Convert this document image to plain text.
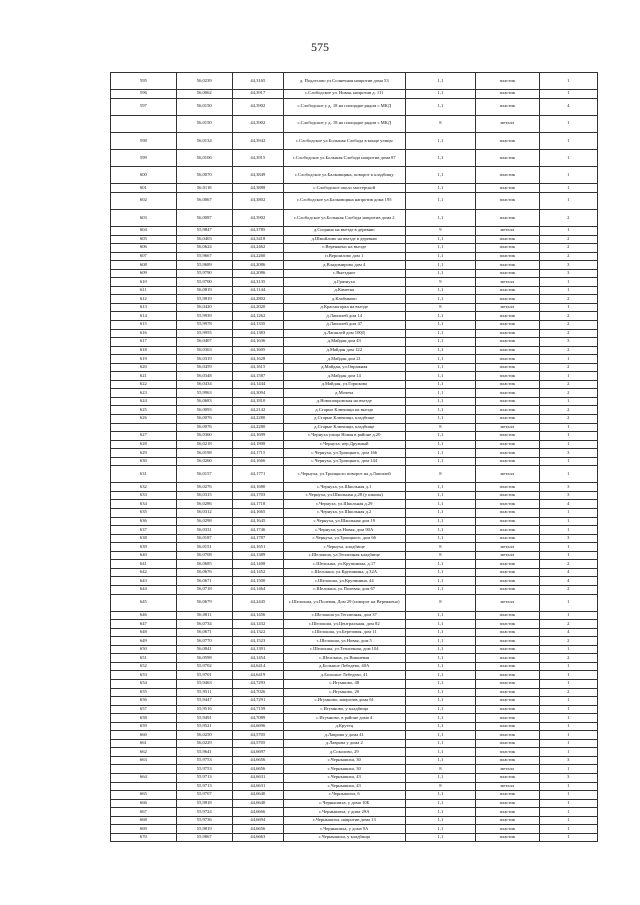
575
595	56,0239	44,3165	д. Подлесово ул.Солнечная напротив дома 53	1,1	пластик	1
596	56,0062	44,3917	с.Слободское ул. Новая, напротив д. 111	1,1	пластик	1
597	56,0150	44,3902	с.Слободское у д. 18 на площадке рядом с МКД	1,1	пластик	4
	56,0150	44,3902	с.Слободское у д. 18 на площадке рядом с МКД	8	металл	1
598	56,0134	44,3942	с.Слободское ул.Большая Слобода в конце улицы	1,1	пластик	1
599	56,0106	44,3915	с.Слободское ул.Большая Слобода напротив дома 87	1,1	пластик	1
600	56,0070	44,3849	с.Слободское ул.Балковщина, поворот к кладбищу	1,1	пластик	1
601	56,0118	44,3888	с.Слободское около мастерской	1,1	пластик	1
602	56,0067	44,3802	с.Слободское ул.Балковщина напротив дома 195	1,1	пластик	1
603	56,0087	44,3902	с.Слободское ул.Большая Слобода напротив дома 2	1,1	пластик	2
604	55,9847	44,3785	д.Сгорино на въезде в деревню	9	металл	1
605	56,0403	44,3418	д.Шмойлово на въезде в деревню	1,1	пластик	2
606	56,0624	44,2462	с.Вереяжено на въезде	1,1	пластик	2
607	55,9667	44,2260	п.Вершилово дом 1	1,1	пластик	2
608	55,9689	44,2086	д.Владимирово дом 4	1,1	пластик	3
609	55,9790	44,2086	с.Выездное	1,1	пластик	3
610	55,9700	44,3135	д.Грязнуха	9	металл	1
611	56,0819	44,1144	д.Каметка	1,1	пластик	1
612	55,9819	44,2802	д.Клабмково	1,1	пластик	2
613	56,0420	44,2020	д.Красногорка на въезде	8	металл	1
614	55,9939	44,1262	д.Лапшлей дом 14	1,1	пластик	2
615	55,9978	44,1335	д.Лапшлей дом 47	1,1	пластик	2
616	55,9955	44,1383	д.Лапшлей дом 100Д	1,1	пластик	2
617	56,0407	44,1636	д.Майдан дом 43	1,1	пластик	3
618	56,0363	44,1605	д.Майдан дом 122	1,1	пластик	2
619	56,0319	44,1628	д.Майдан дом 21	1,1	пластик	1
620	56,0459	44,1615	д.Майдан, ул.Овражная	1,1	пластик	2
621	56,0348	44,1587	д.Майдан дом 14	1,1	пластик	1
622	56,0434	44,1444	д.Майдан, ул.Горшкова	1,1	пластик	2
623	55,9963	44,3094	д.Мочеча	1,1	пластик	2
624	56,0683	44,1810	д.Новопокровская на въезде	1,1	пластик	1
625	56,0093	44,2142	д.Старые Ключищи на въезде	1,1	пластик	2
626	56,0076	44,2280	д.Старые Ключищи, кладбище	1,1	пластик	2
	56,0076	44,2280	д.Старые Ключищи, кладбище	8	металл	1
627	56,0360	44,1699	с.Чернуха улица Новая в районе д.20	1,1	пластик	1
628	56,0218	44,1808	с.Чернуха, пер.Дружный	1,1	пластик	1
629	56,0198	44,1715	с.Чернуха, ул.Троицкого, дом 166	1,1	пластик	3
630	56,0260	44,1666	с.Чернуха, ул.Троицкого, дом 144	1,1	пластик	1
631	56,0157	44,1771	с.Чернуха, ул.Троицкого поворот на д.Лапшлей	8	металл	1
632	56,0276	44,1680	с.Чернуха, ул.Школьная д.1	1,1	пластик	3
633	56,0315	44,1703	с.Чернуха, ул.Школьная д.28 (у школы)	1,1	пластик	3
634	56,0286	44,1718	с.Чернуха, ул.Школьная д.29	1,1	пластик	4
635	56,0312	44,1665	с.Чернуха, ул.Школьная д.2	1,1	пластик	1
636	56,0298	44,1645	с.Чернуха, ул.Школьная дом 19	1,1	пластик	1
637	56,0331	44,1746	с.Чернуха, ул.Новая, дом 90А	1,1	пластик	1
638	56,0187	44,1787	с.Чернуха, ул.Троицкого, дом 66	1,1	пластик	3
639	56,0151	44,1651	с.Чернуха, кладбище	8	металл	1
640	56,0708	44,1389	с.Шелокша, ул.Тепличная кладбище	8	металл	1
641	56,0685	44,1408	с.Шелокша, ул.Крупинина, д.17	1,1	пластик	2
642	56,0676	44,1452	с.Шелокша, ул.Крупинина, д.32А	1,1	пластик	4
643	56,0671	44,1500	с.Шелокша, ул.Крупинина, 44	1,1	пластик	4
644	56,0718	44,1464	с.Шелокша, ул.Полевая, дом 67	1,1	пластик	2
645	56,0679	44,2445	с.Шелокша, ул.Полевая, Дом 29 (поворот на Вереяжено)	8	металл	1
646	56,0811	44,1456	с.Шелокша ул.Тепличная, дом 37	1,1	пластик	1
647	56,0734	44,1432	с.Шелокша, ул.Центральная, дом 82	1,1	пластик	2
648	56,0671	44,1322	с.Шелокша, ул.Березовая, дом 11	1,1	пластик	4
649	56,0770	44,1523	с.Шелокша, ул.Новая, дом 5	1,1	пластик	2
650	56,0841	44,1391	с.Шелокша, ул.Тепличная, дом 104	1,1	пластик	1
651	56,0598	44,1454	с.Шелокша, ул.Вишневая	1,1	пластик	2
652	55,9702	44,6414	д.Большое Лебедево, 40А	1,1	пластик	1
653	55,9701	44,6419	д.Большое Лебедево, 41	1,1	пластик	1
654	55,9463	44,7293	с.Игумново, 48	1,1	пластик	1
655	55,9511	44,7026	с.Игумново, 20	1,1	пластик	2
656	55,9447	44,7291	с.Игумново, напротив дома 61	1,1	пластик	1
657	55,9516	44,7159	с.Игумново, у кладбища	1,1	пластик	1
658	55,9491	44,7089	с.Игумново, в районе дома 4	1,1	пластик	1
659	55,9521	44,6696	д.Крутец	1,1	пластик	1
660	56,0250	44,5705	д.Лаврова у дома 41	1,1	пластик	1
661	56,0229	44,5705	д.Лаврова у дома 2	1,1	пластик	1
662	55,9641	44,6697	д.Соколово, 29	1,1	пластик	1
663	55,9753	44,6656	с.Чернышиха, 30	1,1	пластик	3
	55,9753	44,6656	с.Чернышиха, 30	8	металл	1
664	55,9713	44,6631	с.Чернышиха, 43	1,1	пластик	3
	55,9713	44,6631	с.Чернышиха, 43	8	металл	1
665	55,9707	44,6640	с.Чернышиха, 6	1,1	пластик	1
666	55,9818	44,6640	с.Чернышиха, у дома 10Б	1,1	пластик	1
667	55,9724	44,6666	с.Чернышиха, у дома 29А	1,1	пластик	1
668	55,9736	44,6694	с.Чернышиха, напротив дома 13	1,1	пластик	1
669	55,9819	44,6656	с.Чернышиха, у дома 9А	1,1	пластик	1
670	55,9867	44,6663	с.Чернышиха, у кладбища	1,1	пластик	1
